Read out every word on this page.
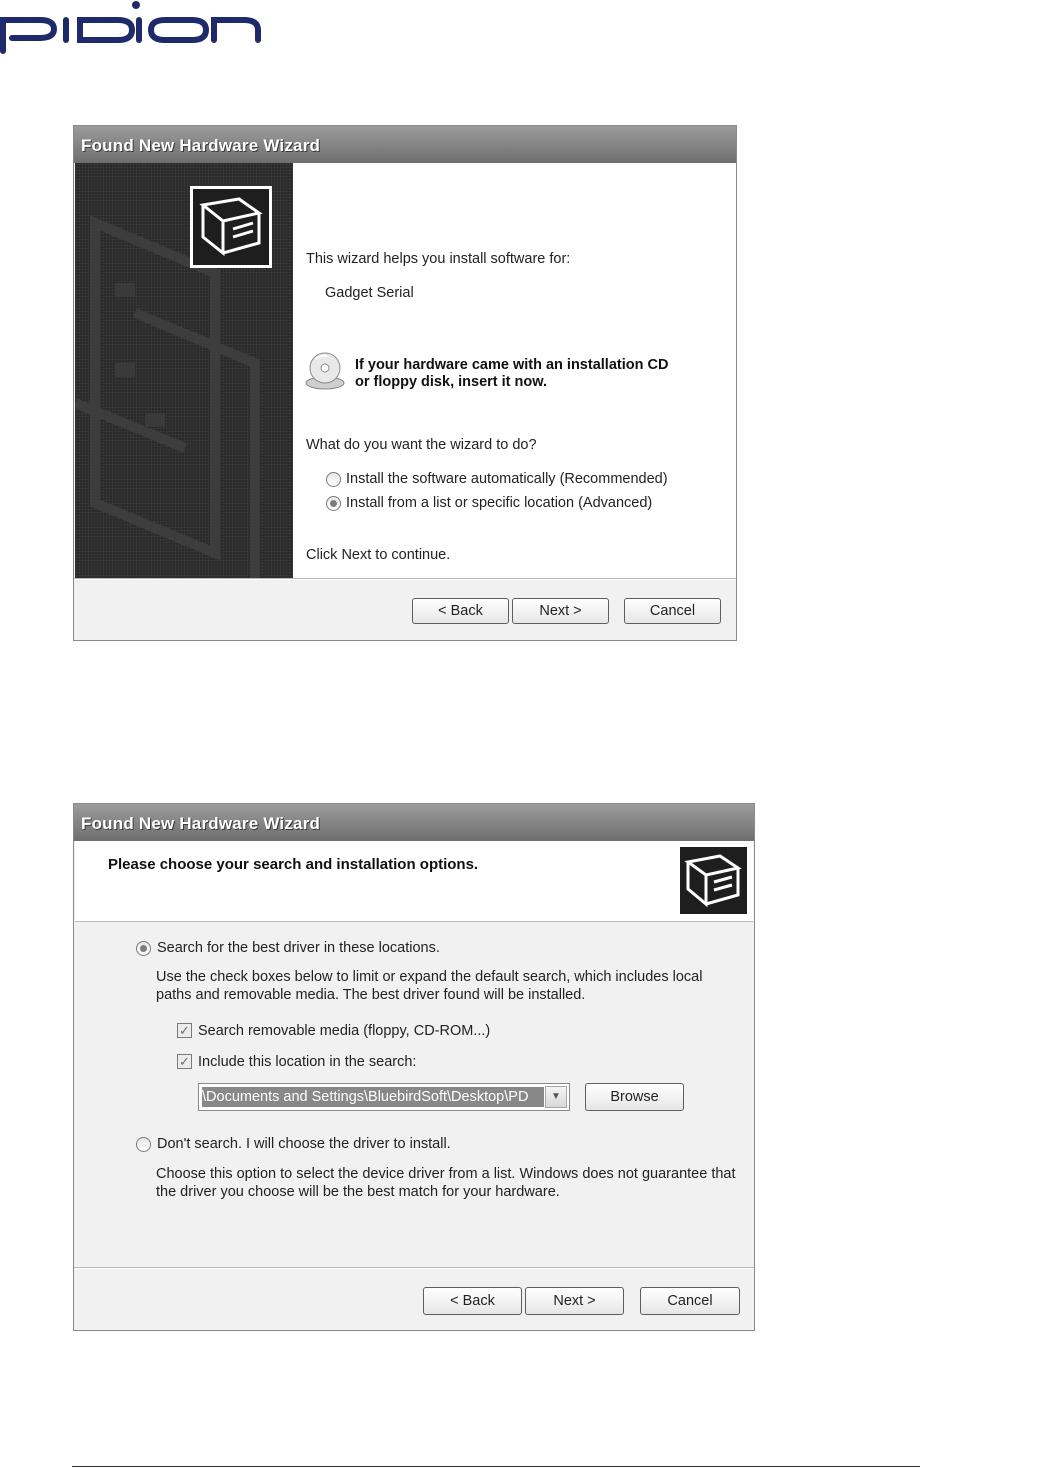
Found New Hardware Wizard
This wizard helps you install software for:
Gadget Serial
If your hardware came with an installation CD
or floppy disk, insert it now.
What do you want the wizard to do?
Install the software automatically (Recommended)
Install from a list or specific location (Advanced)
Click Next to continue.
< Back	Next >	Cancel
Found New Hardware Wizard
Please choose your search and installation options.
Search for the best driver in these locations.
Use the check boxes below to limit or expand the default search, which includes local
paths and removable media. The best driver found will be installed.
✓ Search removable media (floppy, CD-ROM...)
✓ Include this location in the search:
\Documents and Settings\BluebirdSoft\Desktop\PD	▼	Browse
Don't search. I will choose the driver to install.
Choose this option to select the device driver from a list. Windows does not guarantee that
the driver you choose will be the best match for your hardware.
< Back	Next >	Cancel
